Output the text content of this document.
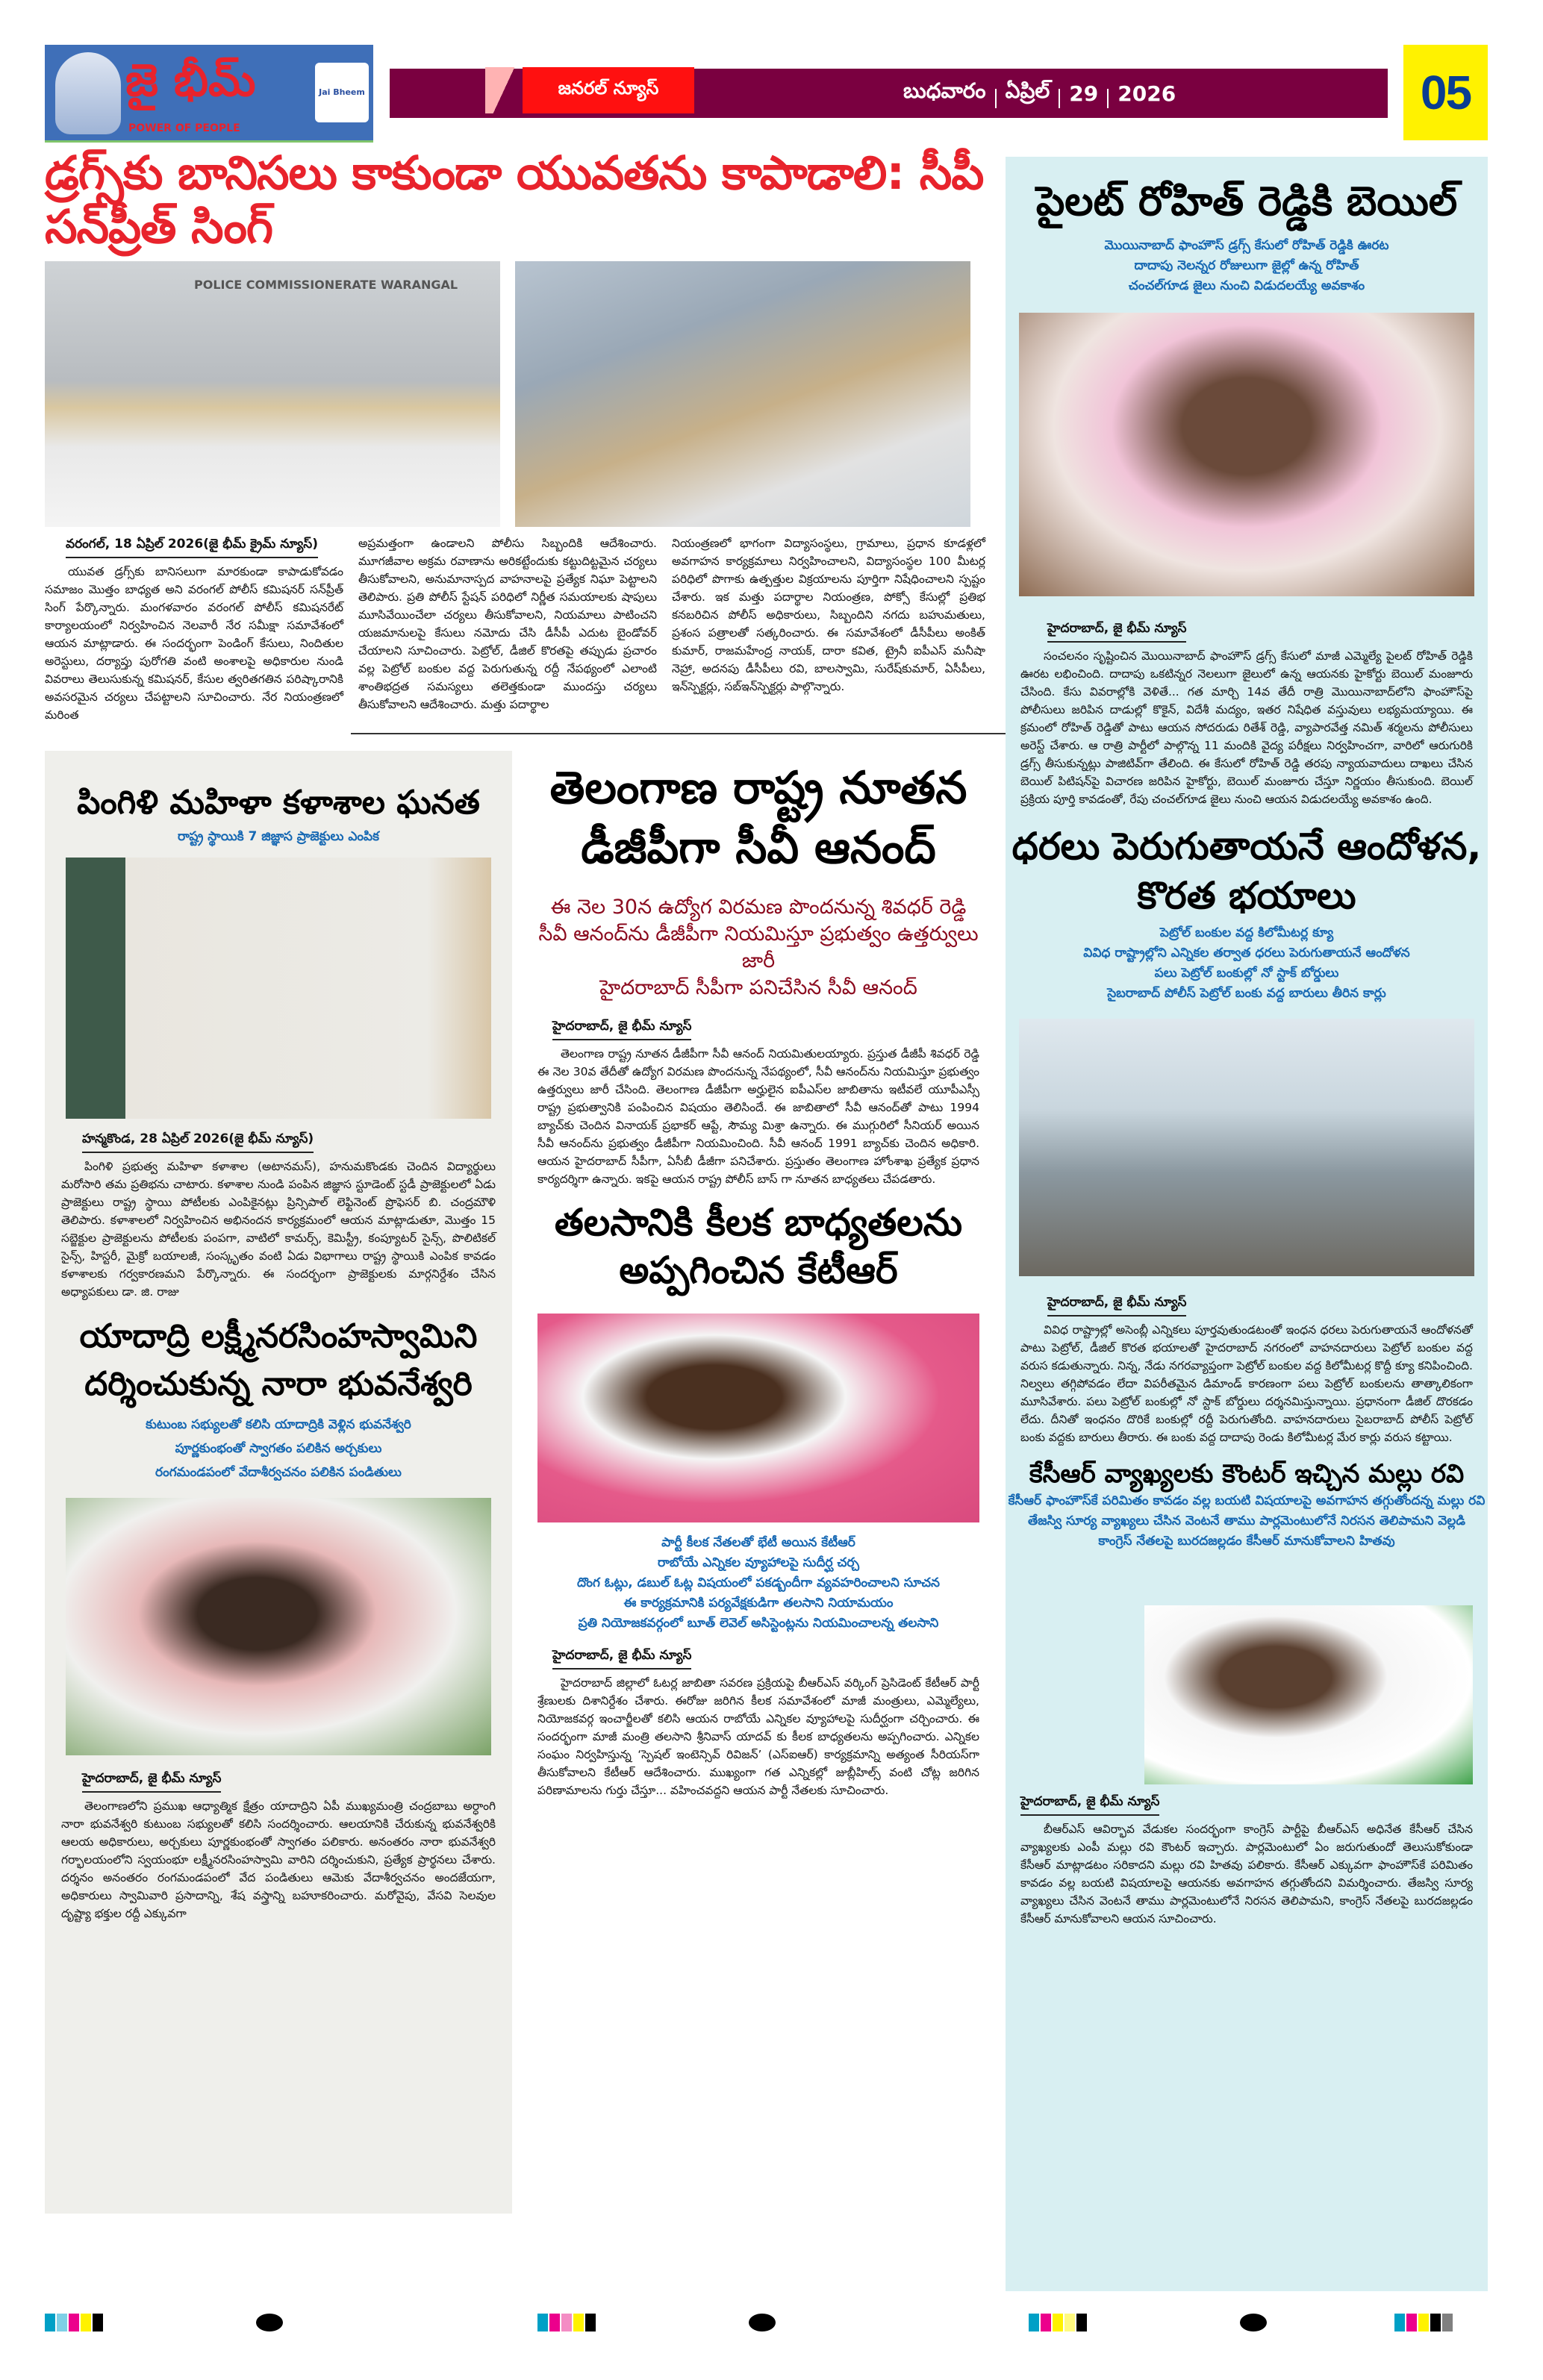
జై భీమ్
POWER OF PEOPLE
Jai Bheem	జనరల్ న్యూస్	బుధవారం ఏప్రిల్ 29 2026	05
డ్రగ్స్‌కు బానిసలు కాకుండా యువతను కాపాడాలి: సీపీ సన్‌ప్రీత్ సింగ్
POLICE COMMISSIONERATE WARANGAL
వరంగల్, 18 ఏప్రిల్ 2026(జై భీమ్ క్రైమ్ న్యూస్)
యువత డ్రగ్స్‌కు బానిసలుగా మారకుండా కాపాడుకోవడం సమాజం మొత్తం బాధ్యత అని వరంగల్ పోలీస్ కమిషనర్ సన్‌ప్రీత్ సింగ్ పేర్కొన్నారు. మంగళవారం వరంగల్ పోలీస్ కమిషనరేట్ కార్యాలయంలో నిర్వహించిన నెలవారీ నేర సమీక్షా సమావేశంలో ఆయన మాట్లాడారు. ఈ సందర్భంగా పెండింగ్ కేసులు, నిందితుల అరెస్టులు, దర్యాప్తు పురోగతి వంటి అంశాలపై అధికారుల నుండి వివరాలు తెలుసుకున్న కమిషనర్, కేసుల త్వరితగతిన పరిష్కారానికి అవసరమైన చర్యలు చేపట్టాలని సూచించారు. నేర నియంత్రణలో మరింత
అప్రమత్తంగా ఉండాలని పోలీసు సిబ్బందికి ఆదేశించారు. మూగజీవాల అక్రమ రవాణాను అరికట్టేందుకు కట్టుదిట్టమైన చర్యలు తీసుకోవాలని, అనుమానాస్పద వాహనాలపై ప్రత్యేక నిఘా పెట్టాలని తెలిపారు. ప్రతి పోలీస్ స్టేషన్ పరిధిలో నిర్ణీత సమయాలకు షాపులు మూసివేయించేలా చర్యలు తీసుకోవాలని, నియమాలు పాటించని యజమానులపై కేసులు నమోదు చేసి డీసీపీ ఎదుట బైండోవర్ చేయాలని సూచించారు. పెట్రోల్, డీజిల్ కొరతపై తప్పుడు ప్రచారం వల్ల పెట్రోల్ బంకుల వద్ద పెరుగుతున్న రద్దీ నేపథ్యంలో ఎలాంటి శాంతిభద్రత సమస్యలు తలెత్తకుండా ముందస్తు చర్యలు తీసుకోవాలని ఆదేశించారు. మత్తు పదార్థాల
నియంత్రణలో భాగంగా విద్యాసంస్థలు, గ్రామాలు, ప్రధాన కూడళ్లలో అవగాహన కార్యక్రమాలు నిర్వహించాలని, విద్యాసంస్థల 100 మీటర్ల పరిధిలో పొగాకు ఉత్పత్తుల విక్రయాలను పూర్తిగా నిషేధించాలని స్పష్టం చేశారు. ఇక మత్తు పదార్థాల నియంత్రణ, పోక్సో కేసుల్లో ప్రతిభ కనబరిచిన పోలీస్ అధికారులు, సిబ్బందిని నగదు బహుమతులు, ప్రశంస పత్రాలతో సత్కరించారు. ఈ సమావేశంలో డీసీపీలు అంకిత్ కుమార్, రాజమహేంద్ర నాయక్, దారా కవిత, ట్రైనీ ఐపీఎస్ మనీషా నెహ్రా, అదనపు డీసీపీలు రవి, బాలస్వామి, సురేష్‌కుమార్, ఏసీపీలు, ఇన్‌స్పెక్టర్లు, సబ్‌ఇన్‌స్పెక్టర్లు పాల్గొన్నారు.
పింగిళి మహిళా కళాశాల ఘనత
రాష్ట్ర స్థాయికి 7 జిజ్ఞాస ప్రాజెక్టులు ఎంపిక
హన్మకొండ, 28 ఏప్రిల్ 2026(జై భీమ్ న్యూస్)
పింగిళి ప్రభుత్వ మహిళా కళాశాల (అటానమస్), హనుమకొండకు చెందిన విద్యార్థులు మరోసారి తమ ప్రతిభను చాటారు. కళాశాల నుండి పంపిన జిజ్ఞాస స్టూడెంట్ స్టడీ ప్రాజెక్టులలో ఏడు ప్రాజెక్టులు రాష్ట్ర స్థాయి పోటీలకు ఎంపికైనట్లు ప్రిన్సిపాల్ లెఫ్టినెంట్ ప్రొఫెసర్ బి. చంద్రమౌళి తెలిపారు. కళాశాలలో నిర్వహించిన అభినందన కార్యక్రమంలో ఆయన మాట్లాడుతూ, మొత్తం 15 సబ్జెక్టుల ప్రాజెక్టులను పోటీలకు పంపగా, వాటిలో కామర్స్, కెమిస్ట్రీ, కంప్యూటర్ సైన్స్, పొలిటికల్ సైన్స్, హిస్టరీ, మైక్రో బయాలజీ, సంస్కృతం వంటి ఏడు విభాగాలు రాష్ట్ర స్థాయికి ఎంపిక కావడం కళాశాలకు గర్వకారణమని పేర్కొన్నారు. ఈ సందర్భంగా ప్రాజెక్టులకు మార్గనిర్దేశం చేసిన అధ్యాపకులు డా. జి. రాజు
యాదాద్రి లక్ష్మీనరసింహస్వామిని దర్శించుకున్న నారా భువనేశ్వరి
కుటుంబ సభ్యులతో కలిసి యాదాద్రికి వెళ్లిన భువనేశ్వరి
పూర్ణకుంభంతో స్వాగతం పలికిన అర్చకులు
రంగమండపంలో వేదాశీర్వచనం పలికిన పండితులు
హైదరాబాద్, జై భీమ్ న్యూస్
తెలంగాణలోని ప్రముఖ ఆధ్యాత్మిక క్షేత్రం యాదాద్రిని ఏపీ ముఖ్యమంత్రి చంద్రబాబు అర్ధాంగి నారా భువనేశ్వరి కుటుంబ సభ్యులతో కలిసి సందర్శించారు. ఆలయానికి చేరుకున్న భువనేశ్వరికి ఆలయ అధికారులు, అర్చకులు పూర్ణకుంభంతో స్వాగతం పలికారు. అనంతరం నారా భువనేశ్వరి గర్భాలయంలోని స్వయంభూ లక్ష్మీనరసింహస్వామి వారిని దర్శించుకుని, ప్రత్యేక ప్రార్థనలు చేశారు. దర్శనం అనంతరం రంగమండపంలో వేద పండితులు ఆమెకు వేదాశీర్వచనం అందజేయగా, అధికారులు స్వామివారి ప్రసాదాన్ని, శేష వస్త్రాన్ని బహూకరించారు. మరోవైపు, వేసవి సెలవుల దృష్ట్యా భక్తుల రద్దీ ఎక్కువగా
తెలంగాణ రాష్ట్ర నూతన డీజీపీగా సీవీ ఆనంద్
ఈ నెల 30న ఉద్యోగ విరమణ పొందనున్న శివధర్ రెడ్డి
సీవీ ఆనంద్‌ను డీజీపీగా నియమిస్తూ ప్రభుత్వం ఉత్తర్వులు జారీ
హైదరాబాద్ సీపీగా పనిచేసిన సీవీ ఆనంద్
హైదరాబాద్, జై భీమ్ న్యూస్
తెలంగాణ రాష్ట్ర నూతన డీజీపీగా సీవీ ఆనంద్ నియమితులయ్యారు. ప్రస్తుత డీజీపీ శివధర్ రెడ్డి ఈ నెల 30వ తేదీతో ఉద్యోగ విరమణ పొందనున్న నేపథ్యంలో, సీవీ ఆనంద్‌ను నియమిస్తూ ప్రభుత్వం ఉత్తర్వులు జారీ చేసింది. తెలంగాణ డీజీపీగా అర్హులైన ఐపీఎస్‌ల జాబితాను ఇటీవలే యూపీఎస్సీ రాష్ట్ర ప్రభుత్వానికి పంపించిన విషయం తెలిసిందే. ఈ జాబితాలో సీవీ ఆనంద్‌తో పాటు 1994 బ్యాచ్‌కు చెందిన వినాయక్ ప్రభాకర్ ఆప్టే, సౌమ్య మిశ్రా ఉన్నారు. ఈ ముగ్గురిలో సీనియర్ అయిన సీవీ ఆనంద్‌ను ప్రభుత్వం డీజీపీగా నియమించింది. సీవీ ఆనంద్ 1991 బ్యాచ్‌కు చెందిన అధికారి. ఆయన హైదరాబాద్ సీపీగా, ఏసీబీ డీజీగా పనిచేశారు. ప్రస్తుతం తెలంగాణ హోంశాఖ ప్రత్యేక ప్రధాన కార్యదర్శిగా ఉన్నారు. ఇకపై ఆయన రాష్ట్ర పోలీస్ బాస్ గా నూతన బాధ్యతలు చేపడతారు.
తలసానికి కీలక బాధ్యతలను అప్పగించిన కేటీఆర్
పార్టీ కీలక నేతలతో భేటీ అయిన కేటీఆర్
రాబోయే ఎన్నికల వ్యూహాలపై సుదీర్ఘ చర్చ
దొంగ ఓట్లు, డబుల్ ఓట్ల విషయంలో పకడ్బందీగా వ్యవహరించాలని సూచన
ఈ కార్యక్రమానికి పర్యవేక్షకుడిగా తలసాని నియామయం
ప్రతి నియోజకవర్గంలో బూత్ లెవెల్ అసిస్టెంట్లను నియమించాలన్న తలసాని
హైదరాబాద్, జై భీమ్ న్యూస్
హైదరాబాద్ జిల్లాలో ఓటర్ల జాబితా సవరణ ప్రక్రియపై బీఆర్ఎస్ వర్కింగ్ ప్రెసిడెంట్ కేటీఆర్ పార్టీ శ్రేణులకు దిశానిర్దేశం చేశారు. ఈరోజు జరిగిన కీలక సమావేశంలో మాజీ మంత్రులు, ఎమ్మెల్యేలు, నియోజకవర్గ ఇంచార్జీలతో కలిసి ఆయన రాబోయే ఎన్నికల వ్యూహాలపై సుదీర్ఘంగా చర్చించారు. ఈ సందర్భంగా మాజీ మంత్రి తలసాని శ్రీనివాస్ యాదవ్ కు కీలక బాధ్యతలను అప్పగించారు. ఎన్నికల సంఘం నిర్వహిస్తున్న ‘స్పెషల్ ఇంటెన్సివ్ రివిజన్’ (ఎస్ఐఆర్) కార్యక్రమాన్ని అత్యంత సీరియస్‌గా తీసుకోవాలని కేటీఆర్ ఆదేశించారు. ముఖ్యంగా గత ఎన్నికల్లో జుబ్లీహిల్స్ వంటి చోట్ల జరిగిన పరిణామాలను గుర్తు చేస్తూ... వహించవద్దని ఆయన పార్టీ నేతలకు సూచించారు.
పైలట్ రోహిత్ రెడ్డికి బెయిల్
మొయినాబాద్ ఫాంహౌస్ డ్రగ్స్ కేసులో రోహిత్ రెడ్డికి ఊరట
దాదాపు నెలన్నర రోజులుగా జైల్లో ఉన్న రోహిత్
చంచల్‌గూడ జైలు నుంచి విడుదలయ్యే అవకాశం
హైదరాబాద్, జై భీమ్ న్యూస్
సంచలనం సృష్టించిన మొయినాబాద్ ఫాంహౌస్ డ్రగ్స్ కేసులో మాజీ ఎమ్మెల్యే పైలట్ రోహిత్ రెడ్డికి ఊరట లభించింది. దాదాపు ఒకటిన్నర నెలలుగా జైలులో ఉన్న ఆయనకు హైకోర్టు బెయిల్ మంజూరు చేసింది. కేసు వివరాల్లోకి వెళితే... గత మార్చి 14వ తేదీ రాత్రి మొయినాబాద్‌లోని ఫాంహౌస్‌పై పోలీసులు జరిపిన దాడుల్లో కొకైన్, విదేశీ మద్యం, ఇతర నిషేధిత వస్తువులు లభ్యమయ్యాయి. ఈ క్రమంలో రోహిత్ రెడ్డితో పాటు ఆయన సోదరుడు రితేశ్ రెడ్డి, వ్యాపారవేత్త నమిత్ శర్మలను పోలీసులు అరెస్ట్ చేశారు. ఆ రాత్రి పార్టీలో పాల్గొన్న 11 మందికి వైద్య పరీక్షలు నిర్వహించగా, వారిలో ఆరుగురికి డ్రగ్స్ తీసుకున్నట్లు పాజిటివ్‌గా తేలింది. ఈ కేసులో రోహిత్ రెడ్డి తరపు న్యాయవాదులు దాఖలు చేసిన బెయిల్ పిటిషన్‌పై విచారణ జరిపిన హైకోర్టు, బెయిల్ మంజూరు చేస్తూ నిర్ణయం తీసుకుంది. బెయిల్ ప్రక్రియ పూర్తి కావడంతో, రేపు చంచల్‌గూడ జైలు నుంచి ఆయన విడుదలయ్యే అవకాశం ఉంది.
ధరలు పెరుగుతాయనే ఆందోళన, కొరత భయాలు
పెట్రోల్ బంకుల వద్ద కిలోమీటర్ల క్యూ
వివిధ రాష్ట్రాల్లోని ఎన్నికల తర్వాత ధరలు పెరుగుతాయనే ఆందోళన
పలు పెట్రోల్ బంకుల్లో నో స్టాక్ బోర్డులు
సైబరాబాద్ పోలీస్ పెట్రోల్ బంకు వద్ద బారులు తీరిన కార్లు
హైదరాబాద్, జై భీమ్ న్యూస్
వివిధ రాష్ట్రాల్లో అసెంబ్లీ ఎన్నికలు పూర్తవుతుండటంతో ఇంధన ధరలు పెరుగుతాయనే ఆందోళనతో పాటు పెట్రోల్, డీజిల్ కొరత భయాలతో హైదరాబాద్ నగరంలో వాహనదారులు పెట్రోల్ బంకుల వద్ద వరుస కడుతున్నారు. నిన్న, నేడు నగరవ్యాప్తంగా పెట్రోల్ బంకుల వద్ద కిలోమీటర్ల కొద్దీ క్యూ కనిపించింది. నిల్వలు తగ్గిపోవడం లేదా విపరీతమైన డిమాండ్ కారణంగా పలు పెట్రోల్ బంకులను తాత్కాలికంగా మూసివేశారు. పలు పెట్రోల్ బంకుల్లో నో స్టాక్ బోర్డులు దర్శనమిస్తున్నాయి. ప్రధానంగా డీజిల్ దొరకడం లేదు. దీనితో ఇంధనం దొరికే బంకుల్లో రద్దీ పెరుగుతోంది. వాహనదారులు సైబరాబాద్ పోలీస్ పెట్రోల్ బంకు వద్దకు బారులు తీరారు. ఈ బంకు వద్ద దాదాపు రెండు కిలోమీటర్ల మేర కార్లు వరుస కట్టాయి.
కేసీఆర్ వ్యాఖ్యలకు కౌంటర్ ఇచ్చిన మల్లు రవి
కేసీఆర్ ఫాంహౌస్‌కే పరిమితం కావడం వల్ల బయటి విషయాలపై అవగాహన తగ్గుతోందన్న మల్లు రవి
తేజస్వి సూర్య వ్యాఖ్యలు చేసిన వెంటనే తాము పార్లమెంటులోనే నిరసన తెలిపామని వెల్లడి
కాంగ్రెస్ నేతలపై బురదజల్లడం కేసీఆర్ మానుకోవాలని హితవు
హైదరాబాద్, జై భీమ్ న్యూస్
బీఆర్ఎస్ ఆవిర్భావ వేడుకల సందర్భంగా కాంగ్రెస్ పార్టీపై బీఆర్ఎస్ అధినేత కేసీఆర్ చేసిన వ్యాఖ్యలకు ఎంపీ మల్లు రవి కౌంటర్ ఇచ్చారు. పార్లమెంటులో ఏం జరుగుతుందో తెలుసుకోకుండా కేసీఆర్ మాట్లాడటం సరికాదని మల్లు రవి హితవు పలికారు. కేసీఆర్ ఎక్కువగా ఫాంహౌస్‌కే పరిమితం కావడం వల్ల బయటి విషయాలపై ఆయనకు అవగాహన తగ్గుతోందని విమర్శించారు. తేజస్వి సూర్య వ్యాఖ్యలు చేసిన వెంటనే తాము పార్లమెంటులోనే నిరసన తెలిపామని, కాంగ్రెస్ నేతలపై బురదజల్లడం కేసీఆర్ మానుకోవాలని ఆయన సూచించారు.
